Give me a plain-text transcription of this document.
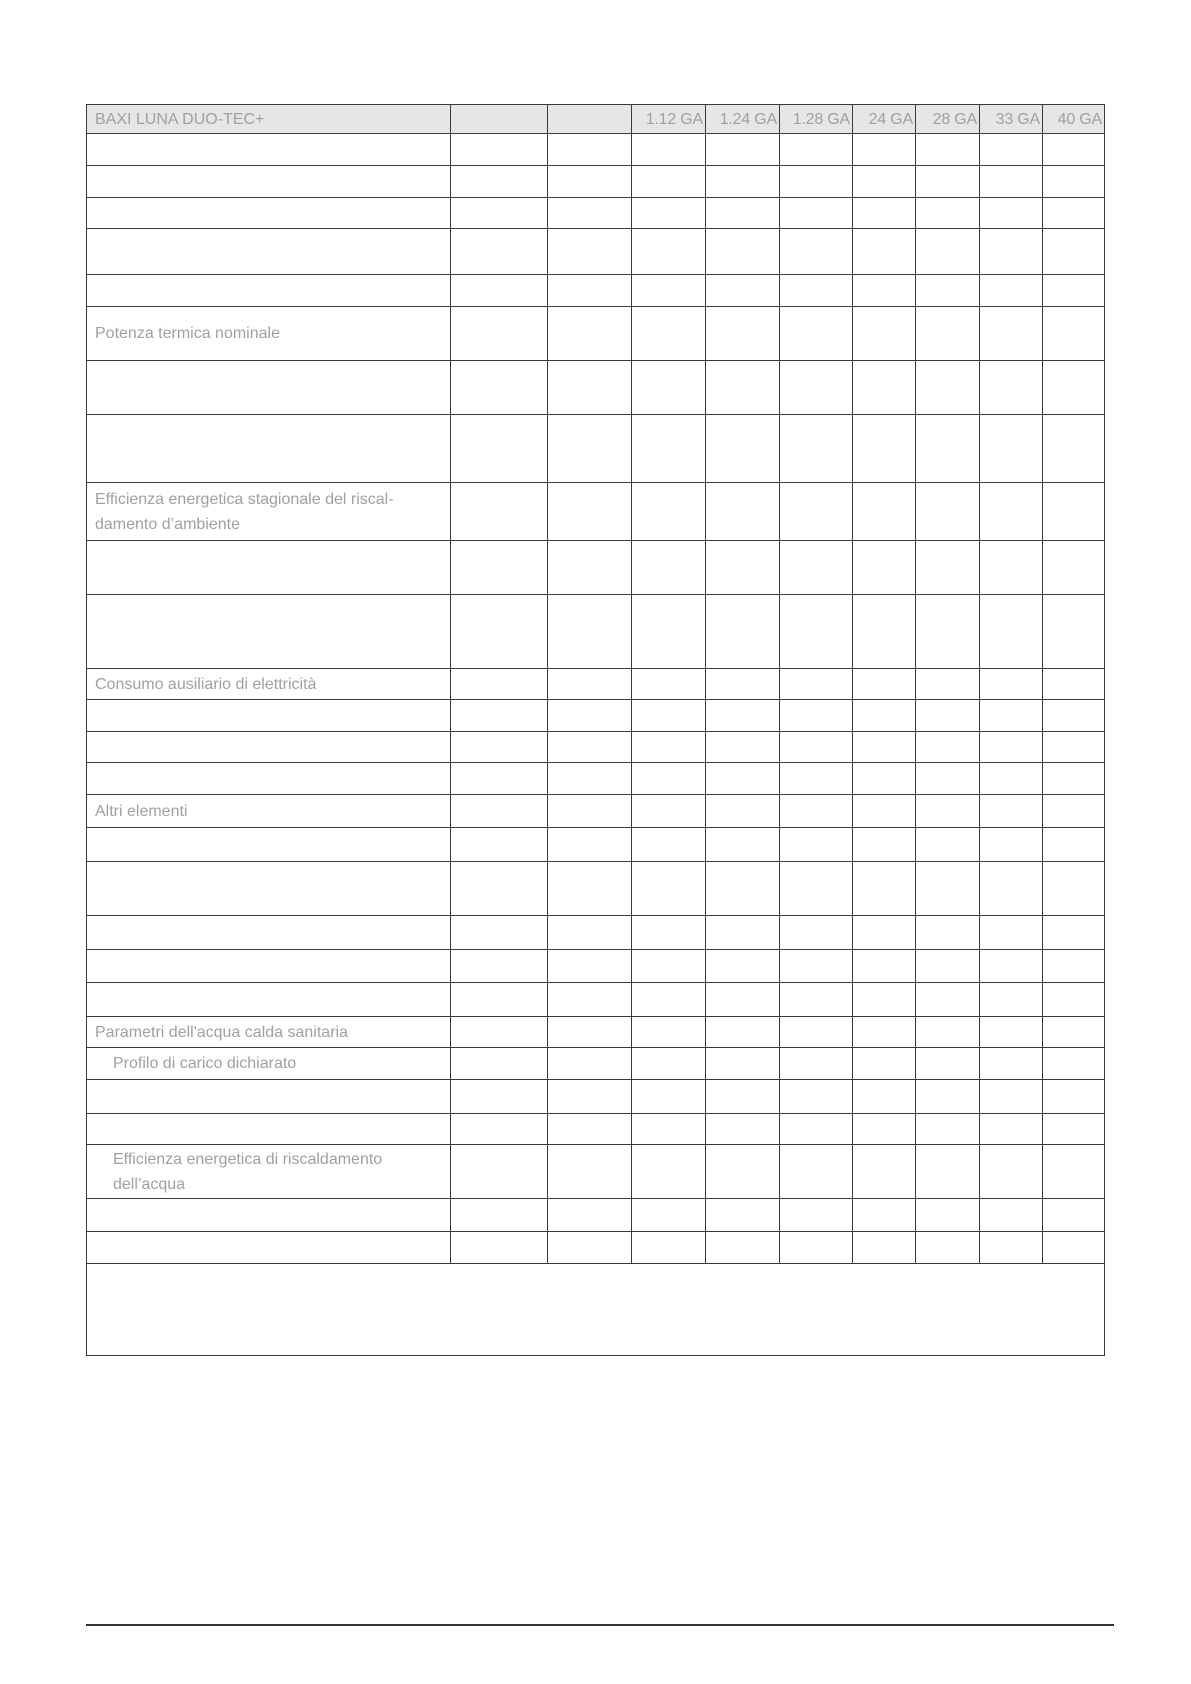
BAXI LUNA DUO-TEC+			1.12 GA	1.24 GA	1.28 GA	24 GA	28 GA	33 GA	40 GA

Potenza termica nominale									

Efficienza energetica stagionale del riscal-damento d’ambiente									

Consumo ausiliario di elettricità									

Altri elementi									

Parametri dell'acqua calda sanitaria									
Profilo di carico dichiarato									

Efficienza energetica di riscaldamento dell’acqua									
